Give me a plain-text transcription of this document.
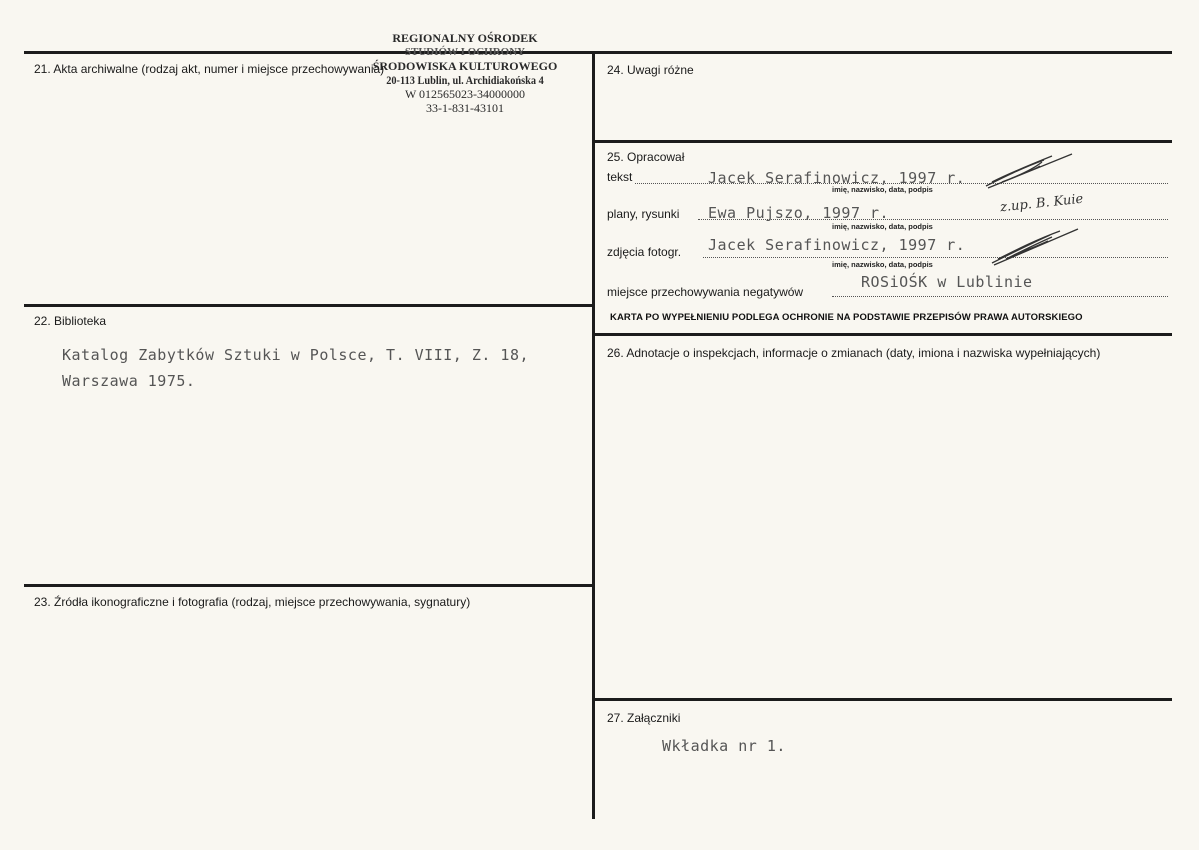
REGIONALNY OŚRODEK
STUDIÓW I OCHRONY
ŚRODOWISKA KULTUROWEGO
20-113 Lublin, ul. Archidiakońska 4
W 012565023-34000000
33-1-831-43101
21. Akta archiwalne (rodzaj akt, numer i miejsce przechowywania)
22. Biblioteka
Katalog Zabytków Sztuki w Polsce, T. VIII, Z. 18,
Warszawa 1975.
23. Źródła ikonograficzne i fotografia (rodzaj, miejsce przechowywania, sygnatury)
24. Uwagi różne
25. Opracował
tekst	Jacek Serafinowicz, 1997 r.
imię, nazwisko, data, podpis
plany, rysunki Ewa Pujszo, 1997 r.
imię, nazwisko, data, podpis
z.up. B. Kuie
zdjęcia fotogr. Jacek Serafinowicz, 1997 r.
imię, nazwisko, data, podpis
miejsce przechowywania negatywów
ROSiOŚK w Lublinie
KARTA PO WYPEŁNIENIU PODLEGA OCHRONIE NA PODSTAWIE PRZEPISÓW PRAWA AUTORSKIEGO
26. Adnotacje o inspekcjach, informacje o zmianach (daty, imiona i nazwiska wypełniających)
27. Załączniki
Wkładka nr 1.
